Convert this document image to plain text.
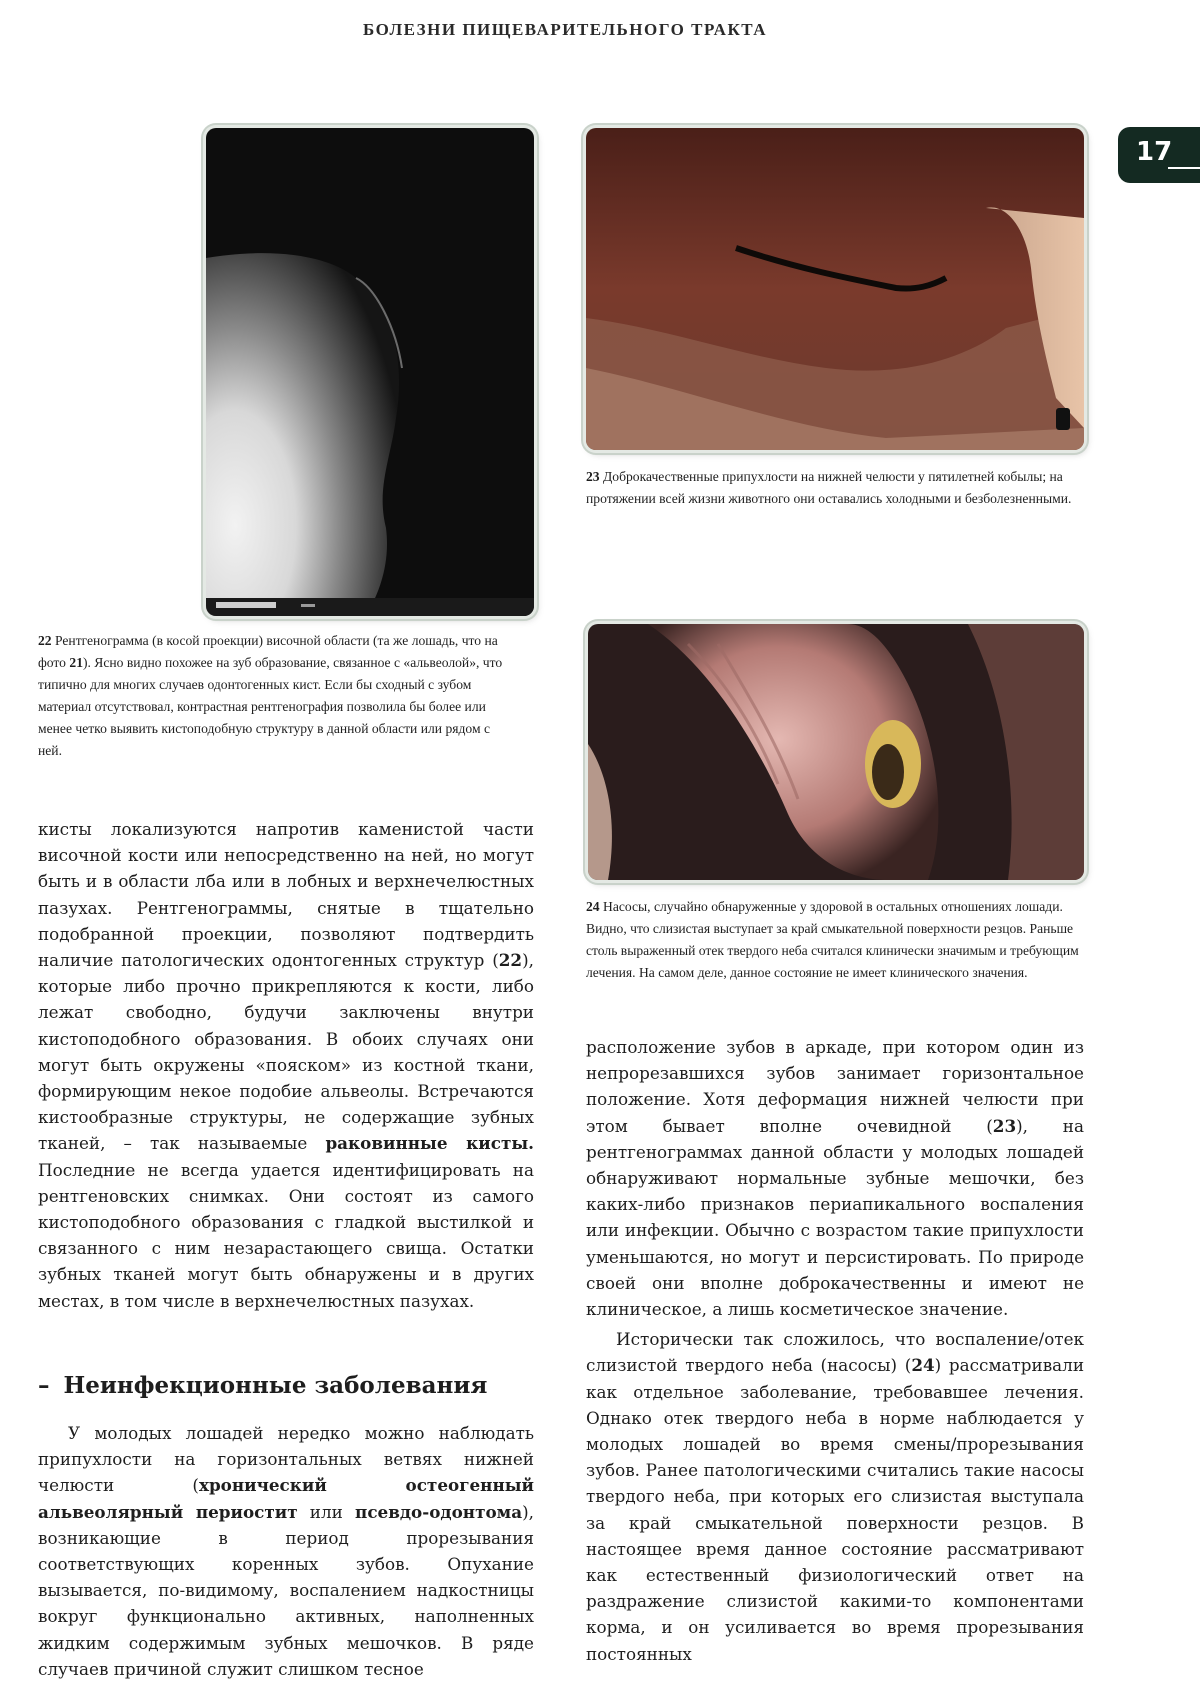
БОЛЕЗНИ ПИЩЕВАРИТЕЛЬНОГО ТРАКТА
17
22 Рентгенограмма (в косой проекции) височной области (та же лошадь, что на фото 21). Ясно видно похожее на зуб образование, связанное с «альвеолой», что типично для многих случаев одонтогенных кист. Если бы сходный с зубом материал отсутствовал, контрастная рентгенография позволила бы более или менее четко выявить кистоподобную структуру в данной области или рядом с ней.
23 Доброкачественные припухлости на нижней челюсти у пятилетней кобылы; на протяжении всей жизни животного они оставались холодными и безболезненными.
24 Насосы, случайно обнаруженные у здоровой в остальных отношениях лошади. Видно, что слизистая выступает за край смыкательной поверхности резцов. Раньше столь выраженный отек твердого неба считался клинически значимым и требующим лечения. На самом деле, данное состояние не имеет клинического значения.

кисты локализуются напротив каменистой части височной кости или непосредственно на ней, но могут быть и в области лба или в лобных и верхнечелюстных пазухах. Рентгенограммы, снятые в тщательно подобранной проекции, позволяют подтвердить наличие патологических одонтогенных структур (22), которые либо прочно прикрепляются к кости, либо лежат свободно, будучи заключены внутри кистоподобного образования. В обоих случаях они могут быть окружены «пояском» из костной ткани, формирующим некое подобие альвеолы. Встречаются кистообразные структуры, не содержащие зубных тканей, – так называемые раковинные кисты. Последние не всегда удается идентифицировать на рентгеновских снимках. Они состоят из самого кистоподобного образования с гладкой выстилкой и связанного с ним незарастающего свища. Остатки зубных тканей могут быть обнаружены и в других местах, в том числе в верхнечелюстных пазухах.

– Неинфекционные заболевания

У молодых лошадей нередко можно наблюдать припухлости на горизонтальных ветвях нижней челюсти (хронический остеогенный альвеолярный периостит или псевдо-одонтома), возникающие в период прорезывания соответствующих коренных зубов. Опухание вызывается, по-видимому, воспалением надкостницы вокруг функционально активных, наполненных жидким содержимым зубных мешочков. В ряде случаев причиной служит слишком тесное

расположение зубов в аркаде, при котором один из непрорезавшихся зубов занимает горизонтальное положение. Хотя деформация нижней челюсти при этом бывает вполне очевидной (23), на рентгенограммах данной области у молодых лошадей обнаруживают нормальные зубные мешочки, без каких-либо признаков периапикального воспаления или инфекции. Обычно с возрастом такие припухлости уменьшаются, но могут и персистировать. По природе своей они вполне доброкачественны и имеют не клиническое, а лишь косметическое значение.

Исторически так сложилось, что воспаление/отек слизистой твердого неба (насосы) (24) рассматривали как отдельное заболевание, требовавшее лечения. Однако отек твердого неба в норме наблюдается у молодых лошадей во время смены/прорезывания зубов. Ранее патологическими считались такие насосы твердого неба, при которых его слизистая выступала за край смыкательной поверхности резцов. В настоящее время данное состояние рассматривают как естественный физиологический ответ на раздражение слизистой какими-то компонентами корма, и он усиливается во время прорезывания постоянных
